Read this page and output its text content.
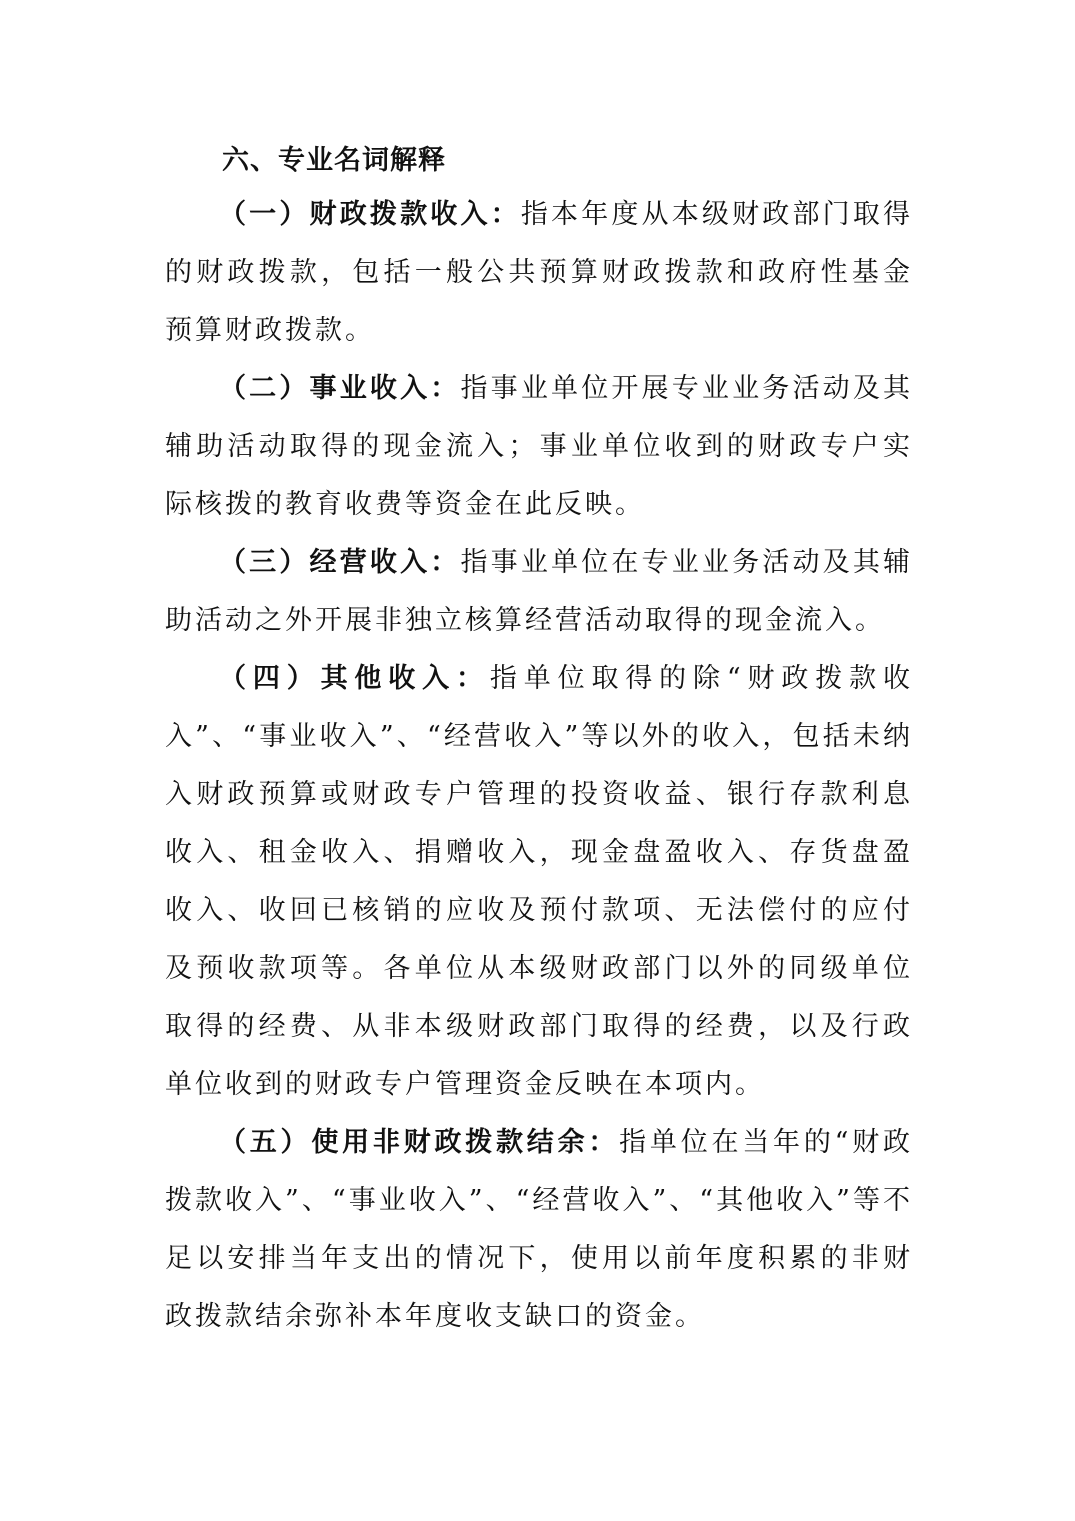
六、专业名词解释

（一）财政拨款收入：指本年度从本级财政部门取得的财政拨款，包括一般公共预算财政拨款和政府性基金预算财政拨款。

（二）事业收入：指事业单位开展专业业务活动及其辅助活动取得的现金流入；事业单位收到的财政专户实际核拨的教育收费等资金在此反映。

（三）经营收入：指事业单位在专业业务活动及其辅助活动之外开展非独立核算经营活动取得的现金流入。

（四）其他收入：指单位取得的除“财政拨款收入”、“事业收入”、“经营收入”等以外的收入，包括未纳入财政预算或财政专户管理的投资收益、银行存款利息收入、租金收入、捐赠收入，现金盘盈收入、存货盘盈收入、收回已核销的应收及预付款项、无法偿付的应付及预收款项等。各单位从本级财政部门以外的同级单位取得的经费、从非本级财政部门取得的经费，以及行政单位收到的财政专户管理资金反映在本项内。

（五）使用非财政拨款结余：指单位在当年的“财政拨款收入”、“事业收入”、“经营收入”、“其他收入”等不足以安排当年支出的情况下，使用以前年度积累的非财政拨款结余弥补本年度收支缺口的资金。
